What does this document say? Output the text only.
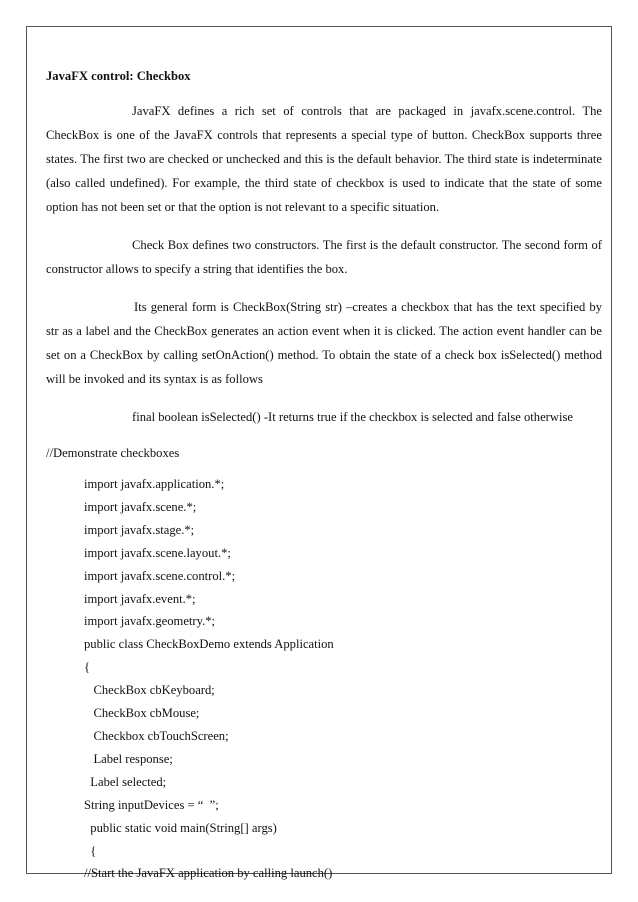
JavaFX control: Checkbox

JavaFX defines a rich set of controls that are packaged in javafx.scene.control. The CheckBox is one of the JavaFX controls that represents a special type of button. CheckBox supports three states. The first two are checked or unchecked and this is the default behavior. The third state is indeterminate (also called undefined). For example, the third state of checkbox is used to indicate that the state of some option has not been set or that the option is not relevant to a specific situation.

Check Box defines two constructors. The first is the default constructor. The second form of constructor allows to specify a string that identifies the box.

Its general form is CheckBox(String str) –creates a checkbox that has the text specified by str as a label and the CheckBox generates an action event when it is clicked. The action event handler can be set on a CheckBox by calling setOnAction() method. To obtain the state of a check box isSelected() method will be invoked and its syntax is as follows

final boolean isSelected() -It returns true if the checkbox is selected and false otherwise
//Demonstrate checkboxes
import javafx.application.*;
import javafx.scene.*;
import javafx.stage.*;
import javafx.scene.layout.*;
import javafx.scene.control.*;
import javafx.event.*;
import javafx.geometry.*;
public class CheckBoxDemo extends Application
{
CheckBox cbKeyboard;
CheckBox cbMouse;
Checkbox cbTouchScreen;
Label response;
Label selected;
String inputDevices = “  ”;
public static void main(String[] args)
{
//Start the JavaFX application by calling launch()
